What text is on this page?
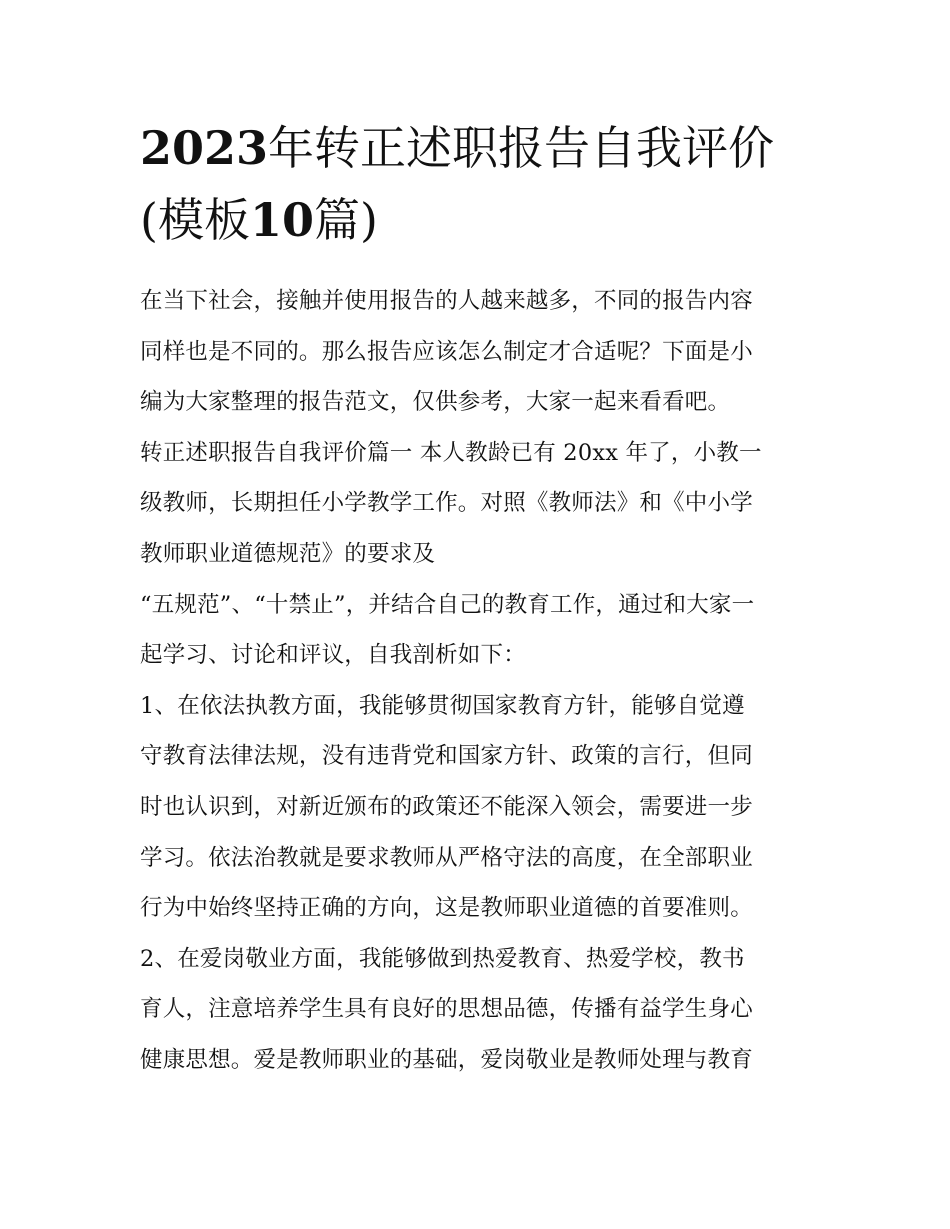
2023年转正述职报告自我评价
(模板10篇)
在当下社会，接触并使用报告的人越来越多，不同的报告内容
同样也是不同的。那么报告应该怎么制定才合适呢？下面是小
编为大家整理的报告范文，仅供参考，大家一起来看看吧。
转正述职报告自我评价篇一 本人教龄已有 20xx 年了，小教一
级教师，长期担任小学教学工作。对照《教师法》和《中小学
教师职业道德规范》的要求及
“五规范”、“十禁止”，并结合自己的教育工作，通过和大家一
起学习、讨论和评议，自我剖析如下：
1、在依法执教方面，我能够贯彻国家教育方针，能够自觉遵
守教育法律法规，没有违背党和国家方针、政策的言行，但同
时也认识到，对新近颁布的政策还不能深入领会，需要进一步
学习。依法治教就是要求教师从严格守法的高度，在全部职业
行为中始终坚持正确的方向，这是教师职业道德的首要准则。
2、在爱岗敬业方面，我能够做到热爱教育、热爱学校，教书
育人，注意培养学生具有良好的思想品德，传播有益学生身心
健康思想。爱是教师职业的基础，爱岗敬业是教师处理与教育
